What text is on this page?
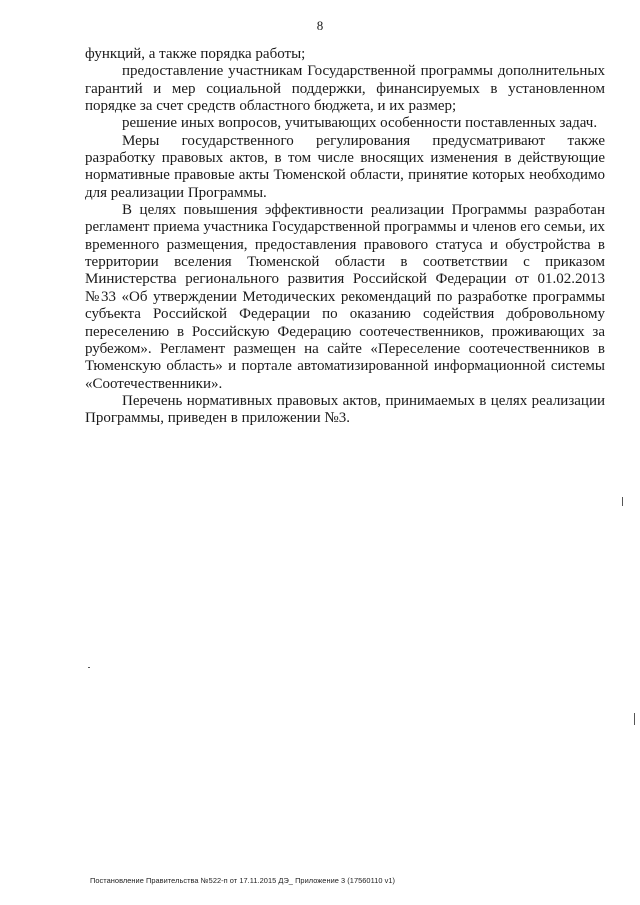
8

функций, а также порядка работы;

предоставление участникам Государственной программы дополнительных гарантий и мер социальной поддержки, финансируемых в установленном порядке за счет средств областного бюджета, и их размер;

решение иных вопросов, учитывающих особенности поставленных задач.

Меры государственного регулирования предусматривают также разработку правовых актов, в том числе вносящих изменения в действующие нормативные правовые акты Тюменской области, принятие которых необходимо для реализации Программы.

В целях повышения эффективности реализации Программы разработан регламент приема участника Государственной программы и членов его семьи, их временного размещения, предоставления правового статуса и обустройства в территории вселения Тюменской области в соответствии с приказом Министерства регионального развития Российской Федерации от 01.02.2013 №33 «Об утверждении Методических рекомендаций по разработке программы субъекта Российской Федерации по оказанию содействия добровольному переселению в Российскую Федерацию соотечественников, проживающих за рубежом». Регламент размещен на сайте «Переселение соотечественников в Тюменскую область» и портале автоматизированной информационной системы «Соотечественники».

Перечень нормативных правовых актов, принимаемых в целях реализации Программы, приведен в приложении №3.

Постановление Правительства №522-п от 17.11.2015 ДЭ_ Приложение 3 (17560110 v1)
